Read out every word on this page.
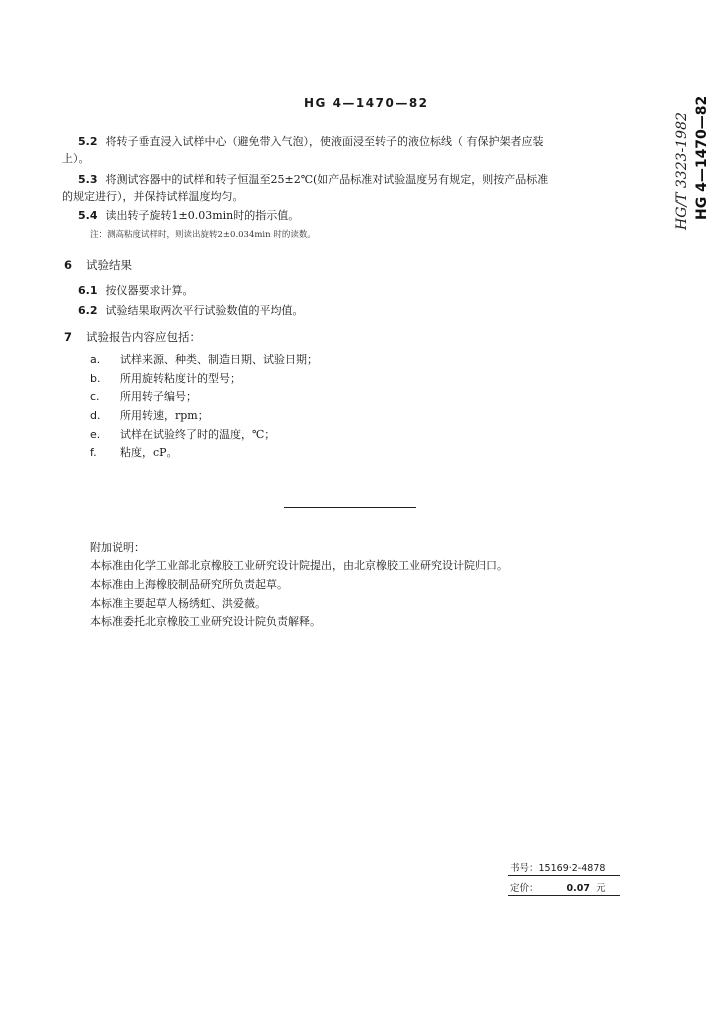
HG 4—1470—82
HG/T 3323-1982 HG 4—1470—82
5.2 将转子垂直浸入试样中心（避免带入气泡），使液面浸至转子的液位标线（ 有保护架者应装
上）。
5.3 将测试容器中的试样和转子恒温至25±2℃(如产品标准对试验温度另有规定，则按产品标准
的规定进行），并保持试样温度均匀。
5.4 读出转子旋转1±0.03min时的指示值。
注：测高粘度试样时，则读出旋转2±0.034min 时的读数。
6 试验结果
6.1 按仪器要求计算。
6.2 试验结果取两次平行试验数值的平均值。
7 试验报告内容应包括：
a. 试样来源、种类、制造日期、试验日期；
b. 所用旋转粘度计的型号；
c. 所用转子编号；
d. 所用转速，rpm；
e. 试样在试验终了时的温度，℃；
f. 粘度，cP。
附加说明：
本标准由化学工业部北京橡胶工业研究设计院提出，由北京橡胶工业研究设计院归口。
本标准由上海橡胶制品研究所负责起草。
本标准主要起草人杨绣虹、洪爱薇。
本标准委托北京橡胶工业研究设计院负责解释。
书号：15169·2-4878
定价：	0.07 元
